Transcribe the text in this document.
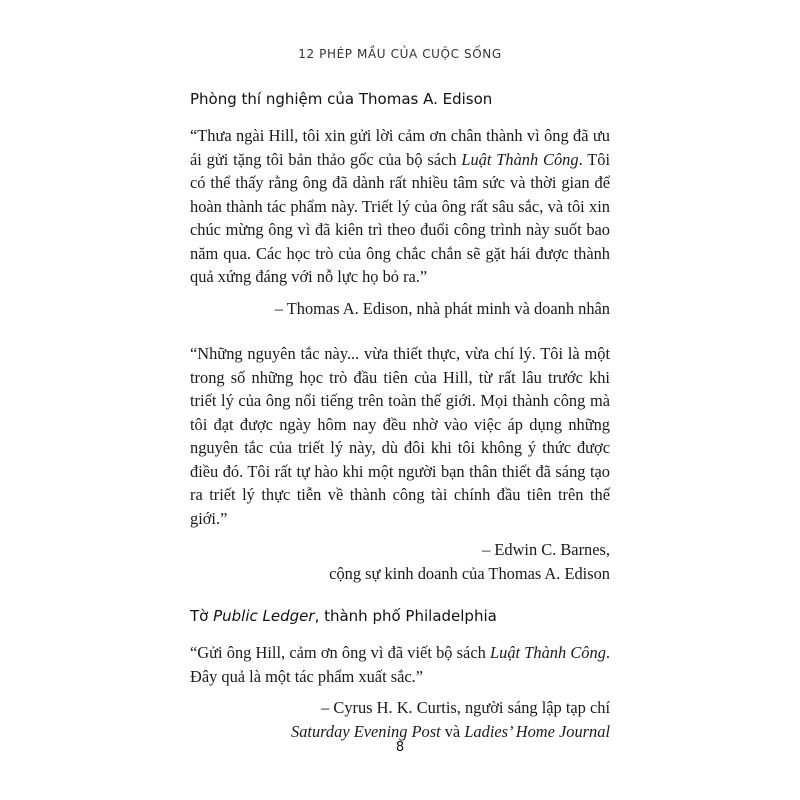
12 PHÉP MẦU CỦA CUỘC SỐNG
Phòng thí nghiệm của Thomas A. Edison

“Thưa ngài Hill, tôi xin gửi lời cảm ơn chân thành vì ông đã ưu ái gửi tặng tôi bản thảo gốc của bộ sách Luật Thành Công. Tôi có thể thấy rằng ông đã dành rất nhiều tâm sức và thời gian để hoàn thành tác phẩm này. Triết lý của ông rất sâu sắc, và tôi xin chúc mừng ông vì đã kiên trì theo đuổi công trình này suốt bao năm qua. Các học trò của ông chắc chắn sẽ gặt hái được thành quả xứng đáng với nỗ lực họ bỏ ra.”

– Thomas A. Edison, nhà phát minh và doanh nhân

“Những nguyên tắc này... vừa thiết thực, vừa chí lý. Tôi là một trong số những học trò đầu tiên của Hill, từ rất lâu trước khi triết lý của ông nổi tiếng trên toàn thế giới. Mọi thành công mà tôi đạt được ngày hôm nay đều nhờ vào việc áp dụng những nguyên tắc của triết lý này, dù đôi khi tôi không ý thức được điều đó. Tôi rất tự hào khi một người bạn thân thiết đã sáng tạo ra triết lý thực tiễn về thành công tài chính đầu tiên trên thế giới.”

– Edwin C. Barnes,
cộng sự kinh doanh của Thomas A. Edison

Tờ Public Ledger, thành phố Philadelphia

“Gửi ông Hill, cảm ơn ông vì đã viết bộ sách Luật Thành Công. Đây quả là một tác phẩm xuất sắc.”

– Cyrus H. K. Curtis, người sáng lập tạp chí
Saturday Evening Post và Ladies’ Home Journal

8
